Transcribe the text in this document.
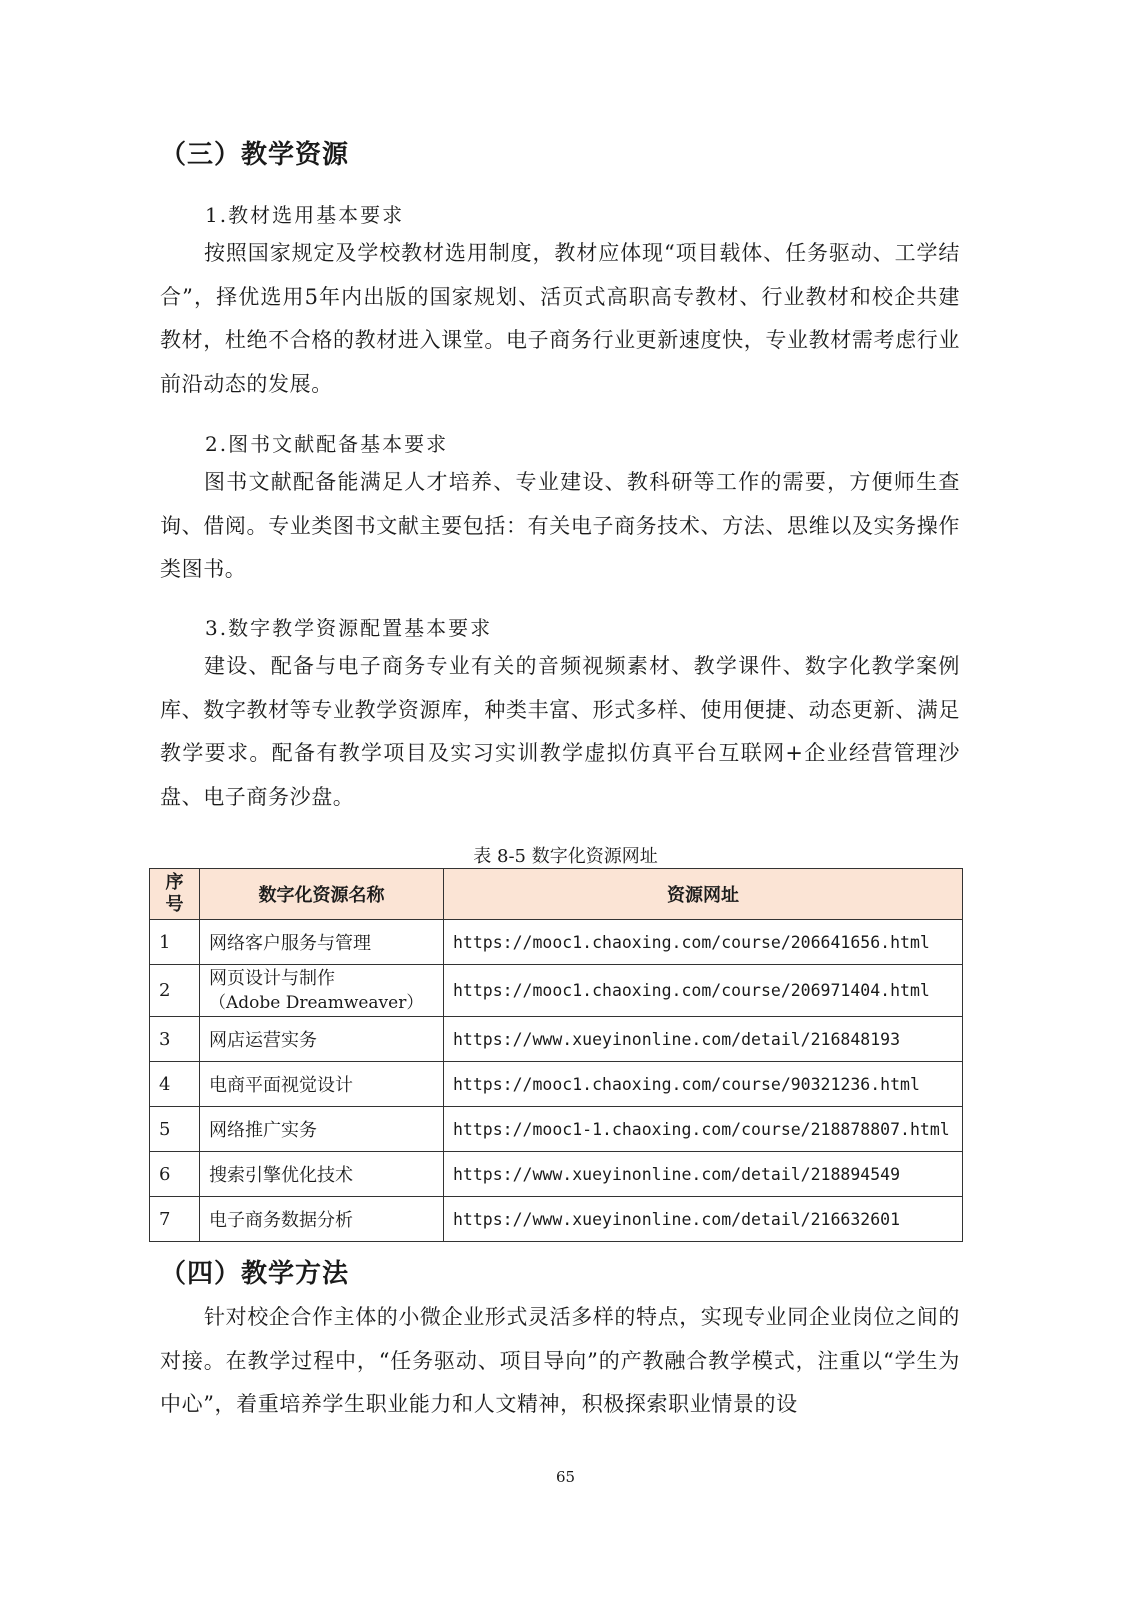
（三）教学资源
1.教材选用基本要求

按照国家规定及学校教材选用制度，教材应体现“项目载体、任务驱动、工学结合”，择优选用5年内出版的国家规划、活页式高职高专教材、行业教材和校企共建教材，杜绝不合格的教材进入课堂。电子商务行业更新速度快，专业教材需考虑行业前沿动态的发展。

2.图书文献配备基本要求

图书文献配备能满足人才培养、专业建设、教科研等工作的需要，方便师生查询、借阅。专业类图书文献主要包括：有关电子商务技术、方法、思维以及实务操作类图书。

3.数字教学资源配置基本要求

建设、配备与电子商务专业有关的音频视频素材、教学课件、数字化教学案例库、数字教材等专业教学资源库，种类丰富、形式多样、使用便捷、动态更新、满足教学要求。配备有教学项目及实习实训教学虚拟仿真平台互联网+企业经营管理沙盘、电子商务沙盘。

表 8-5 数字化资源网址
序
号	数字化资源名称	资源网址
1	网络客户服务与管理	https://mooc1.chaoxing.com/course/206641656.html
2	网页设计与制作
（Adobe Dreamweaver）	https://mooc1.chaoxing.com/course/206971404.html
3	网店运营实务	https://www.xueyinonline.com/detail/216848193
4	电商平面视觉设计	https://mooc1.chaoxing.com/course/90321236.html
5	网络推广实务	https://mooc1-1.chaoxing.com/course/218878807.html
6	搜索引擎优化技术	https://www.xueyinonline.com/detail/218894549
7	电子商务数据分析	https://www.xueyinonline.com/detail/216632601
（四）教学方法

针对校企合作主体的小微企业形式灵活多样的特点，实现专业同企业岗位之间的对接。在教学过程中，“任务驱动、项目导向”的产教融合教学模式，注重以“学生为中心”，着重培养学生职业能力和人文精神，积极探索职业情景的设

65
